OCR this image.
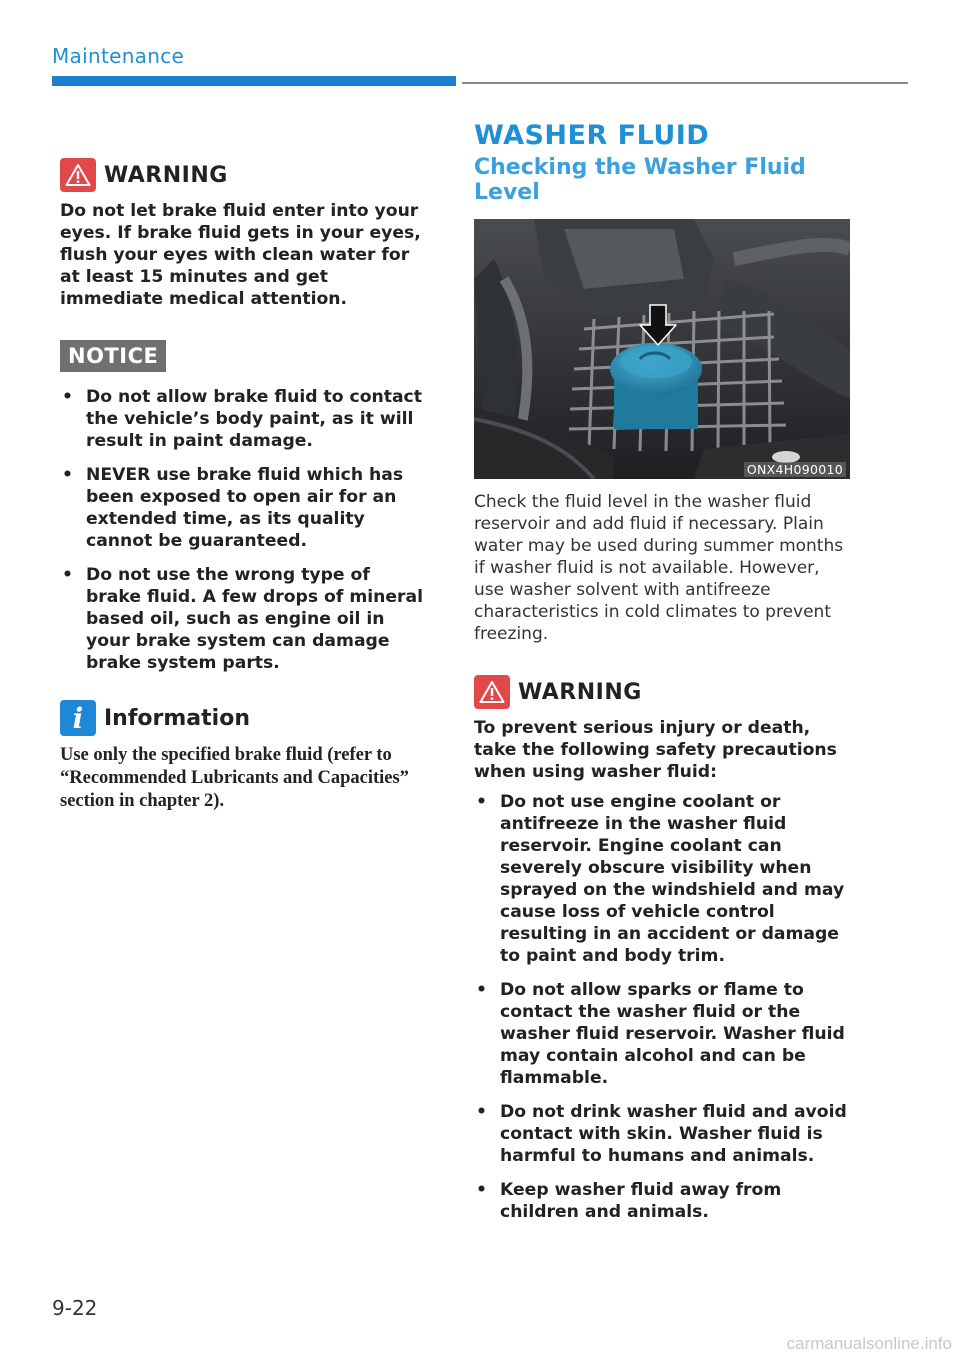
Maintenance
WARNING
Do not let brake fluid enter into your eyes. If brake fluid gets in your eyes, flush your eyes with clean water for at least 15 minutes and get immediate medical attention.
NOTICE
• Do not allow brake fluid to contact the vehicle’s body paint, as it will result in paint damage.
• NEVER use brake fluid which has been exposed to open air for an extended time, as its quality cannot be guaranteed.
• Do not use the wrong type of brake fluid. A few drops of mineral based oil, such as engine oil in your brake system can damage brake system parts.
i Information
Use only the specified brake fluid (refer to “Recommended Lubricants and Capacities” section in chapter 2).
WASHER FLUID
Checking the Washer Fluid Level
ONX4H090010
Check the fluid level in the washer fluid reservoir and add fluid if necessary. Plain water may be used during summer months if washer fluid is not available. However, use washer solvent with antifreeze characteristics in cold climates to prevent freezing.
WARNING
To prevent serious injury or death, take the following safety precautions when using washer fluid:
• Do not use engine coolant or antifreeze in the washer fluid reservoir. Engine coolant can severely obscure visibility when sprayed on the windshield and may cause loss of vehicle control resulting in an accident or damage to paint and body trim.
• Do not allow sparks or flame to contact the washer fluid or the washer fluid reservoir. Washer fluid may contain alcohol and can be flammable.
• Do not drink washer fluid and avoid contact with skin. Washer fluid is harmful to humans and animals.
• Keep washer fluid away from children and animals.
9-22
carmanualsonline.info
